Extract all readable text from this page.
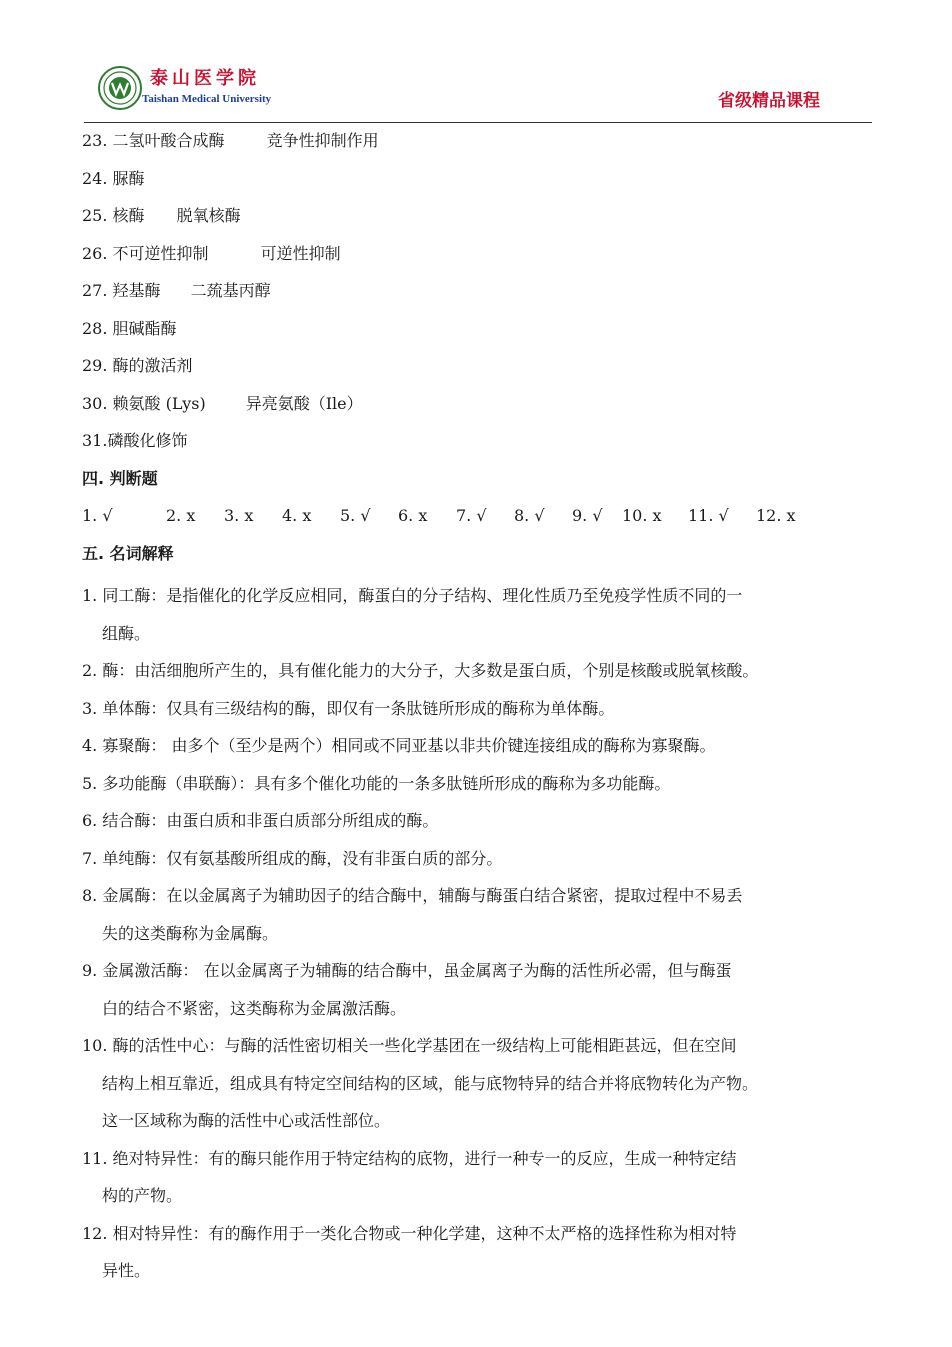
泰山医学院
Taishan Medical University	省级精品课程
23. 二氢叶酸合成酶	竞争性抑制作用
24. 脲酶
25. 核酶 脱氧核酶
26. 不可逆性抑制	可逆性抑制
27. 羟基酶 二巯基丙醇
28. 胆碱酯酶
29. 酶的激活剂
30. 赖氨酸 (Lys)	异亮氨酸（Ile）
31.磷酸化修饰
四. 判断题
1. √	2. x 3. x 4. x 5. √ 6. x 7. √ 8. √ 9. √ 10. x 11. √ 12. x
五. 名词解释
1. 同工酶：是指催化的化学反应相同，酶蛋白的分子结构、理化性质乃至免疫学性质不同的一
组酶。
2. 酶：由活细胞所产生的，具有催化能力的大分子，大多数是蛋白质，个别是核酸或脱氧核酸。
3. 单体酶：仅具有三级结构的酶，即仅有一条肽链所形成的酶称为单体酶。
4. 寡聚酶： 由多个（至少是两个）相同或不同亚基以非共价键连接组成的酶称为寡聚酶。
5. 多功能酶（串联酶）：具有多个催化功能的一条多肽链所形成的酶称为多功能酶。
6. 结合酶：由蛋白质和非蛋白质部分所组成的酶。
7. 单纯酶：仅有氨基酸所组成的酶，没有非蛋白质的部分。
8. 金属酶：在以金属离子为辅助因子的结合酶中，辅酶与酶蛋白结合紧密，提取过程中不易丢
失的这类酶称为金属酶。
9. 金属激活酶： 在以金属离子为辅酶的结合酶中，虽金属离子为酶的活性所必需，但与酶蛋
白的结合不紧密，这类酶称为金属激活酶。
10. 酶的活性中心：与酶的活性密切相关一些化学基团在一级结构上可能相距甚远，但在空间
结构上相互靠近，组成具有特定空间结构的区域，能与底物特异的结合并将底物转化为产物。
这一区域称为酶的活性中心或活性部位。
11. 绝对特异性：有的酶只能作用于特定结构的底物，进行一种专一的反应，生成一种特定结
构的产物。
12. 相对特异性：有的酶作用于一类化合物或一种化学建，这种不太严格的选择性称为相对特
异性。
